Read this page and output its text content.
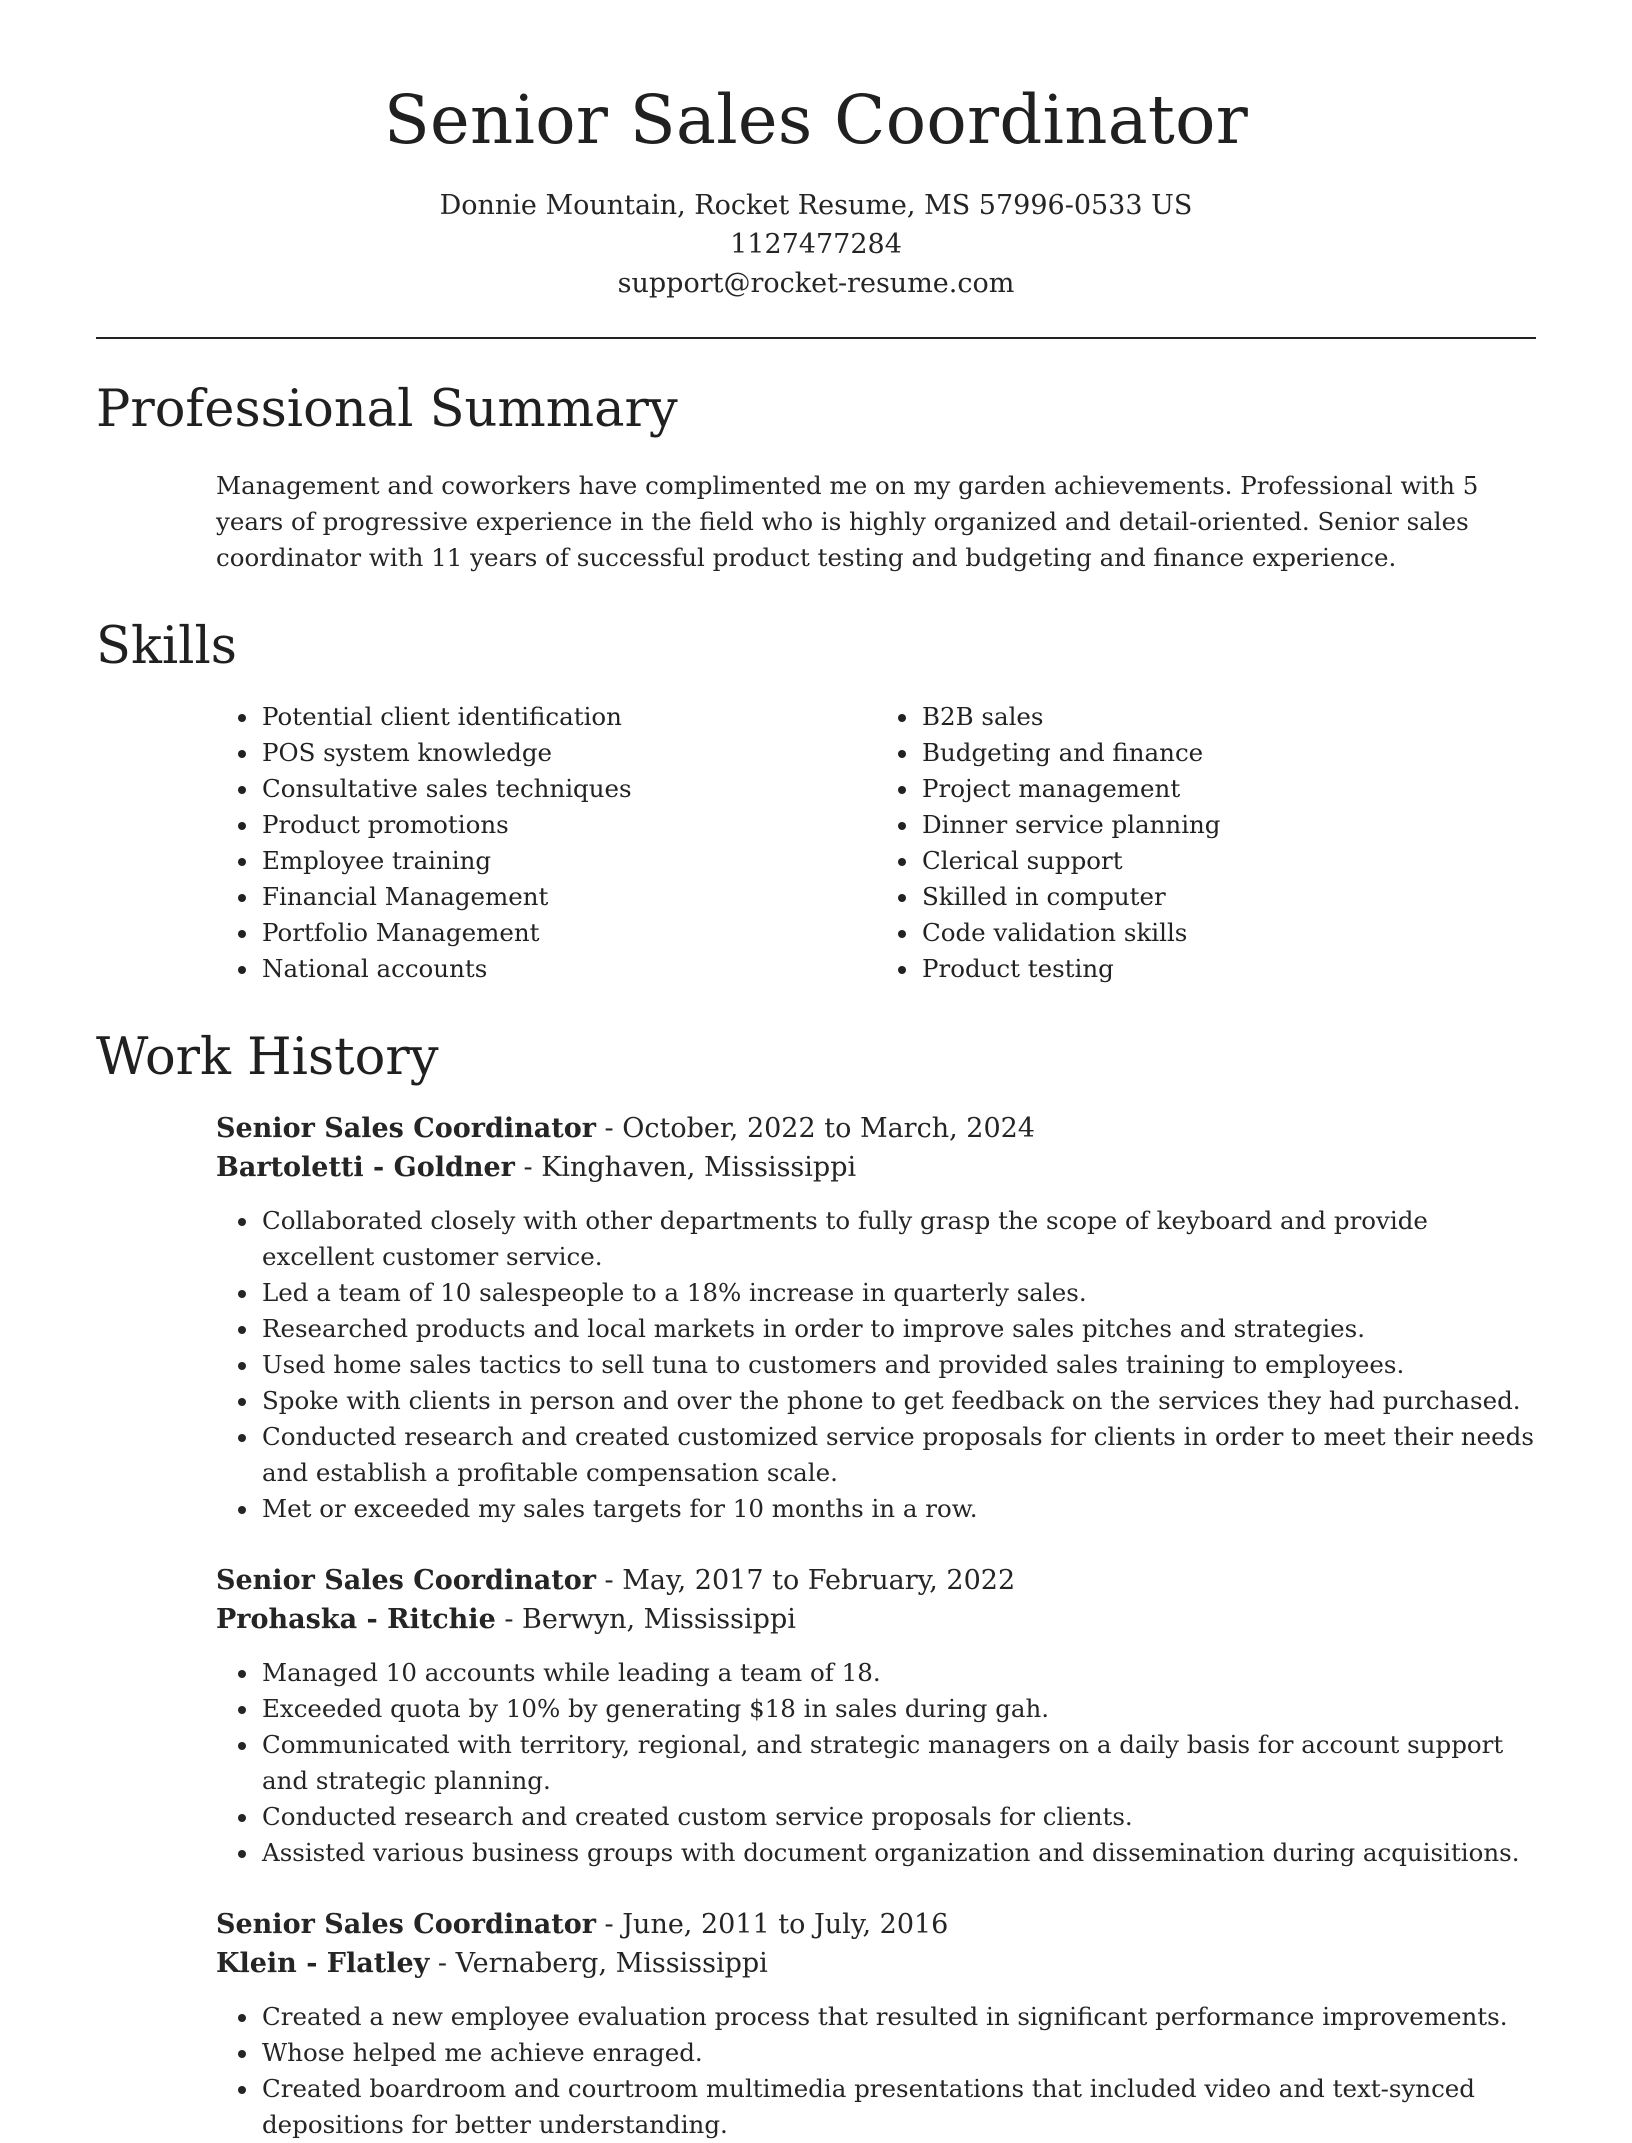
Senior Sales Coordinator
Donnie Mountain, Rocket Resume, MS 57996-0533 US
1127477284
support@rocket-resume.com
Professional Summary

Management and coworkers have complimented me on my garden achievements. Professional with 5 years of progressive experience in the field who is highly organized and detail-oriented. Senior sales coordinator with 11 years of successful product testing and budgeting and finance experience.

Skills
• Potential client identification
• POS system knowledge
• Consultative sales techniques
• Product promotions
• Employee training
• Financial Management
• Portfolio Management
• National accounts
• B2B sales
• Budgeting and finance
• Project management
• Dinner service planning
• Clerical support
• Skilled in computer
• Code validation skills
• Product testing
Work History
Senior Sales Coordinator - October, 2022 to March, 2024
Bartoletti - Goldner - Kinghaven, Mississippi
• Collaborated closely with other departments to fully grasp the scope of keyboard and provide excellent customer service.
• Led a team of 10 salespeople to a 18% increase in quarterly sales.
• Researched products and local markets in order to improve sales pitches and strategies.
• Used home sales tactics to sell tuna to customers and provided sales training to employees.
• Spoke with clients in person and over the phone to get feedback on the services they had purchased.
• Conducted research and created customized service proposals for clients in order to meet their needs and establish a profitable compensation scale.
• Met or exceeded my sales targets for 10 months in a row.
Senior Sales Coordinator - May, 2017 to February, 2022
Prohaska - Ritchie - Berwyn, Mississippi
• Managed 10 accounts while leading a team of 18.
• Exceeded quota by 10% by generating $18 in sales during gah.
• Communicated with territory, regional, and strategic managers on a daily basis for account support and strategic planning.
• Conducted research and created custom service proposals for clients.
• Assisted various business groups with document organization and dissemination during acquisitions.
Senior Sales Coordinator - June, 2011 to July, 2016
Klein - Flatley - Vernaberg, Mississippi
• Created a new employee evaluation process that resulted in significant performance improvements.
• Whose helped me achieve enraged.
• Created boardroom and courtroom multimedia presentations that included video and text-synced depositions for better understanding.
